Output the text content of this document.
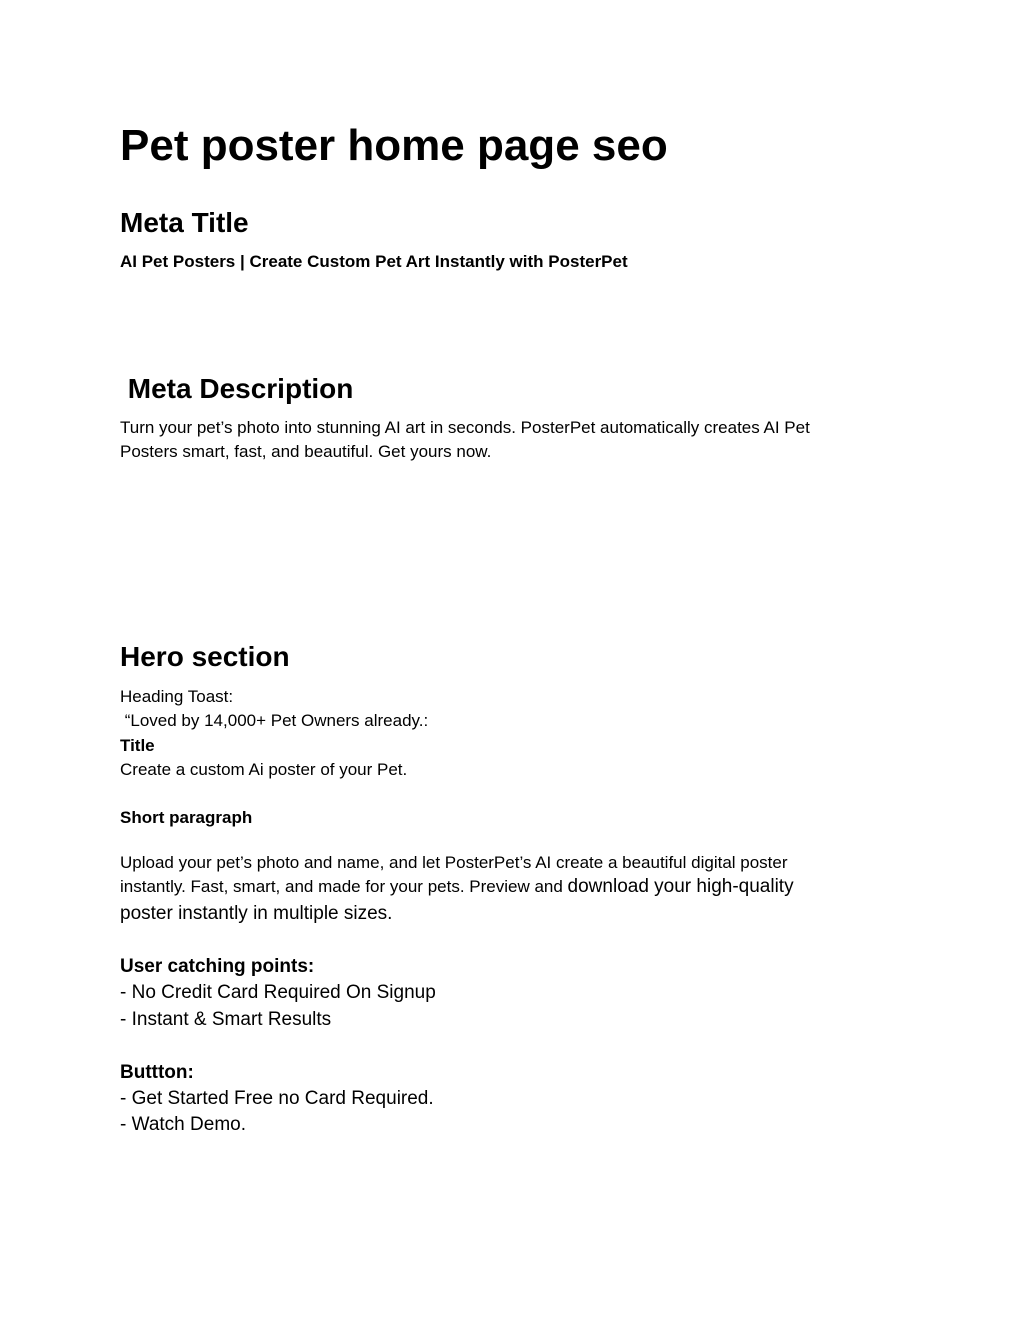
Pet poster home page seo
Meta Title

AI Pet Posters | Create Custom Pet Art Instantly with PosterPet

Meta Description

Turn your pet’s photo into stunning AI art in seconds. PosterPet automatically creates AI Pet

Posters smart, fast, and beautiful. Get yours now.

Hero section

Heading Toast:

“Loved by 14,000+ Pet Owners already.:

Title

Create a custom Ai poster of your Pet.

Short paragraph

Upload your pet’s photo and name, and let PosterPet’s AI create a beautiful digital poster

instantly. Fast, smart, and made for your pets. Preview and download your high-quality

poster instantly in multiple sizes.

User catching points:

- No Credit Card Required On Signup

- Instant & Smart Results

Buttton:

- Get Started Free no Card Required.

- Watch Demo.
